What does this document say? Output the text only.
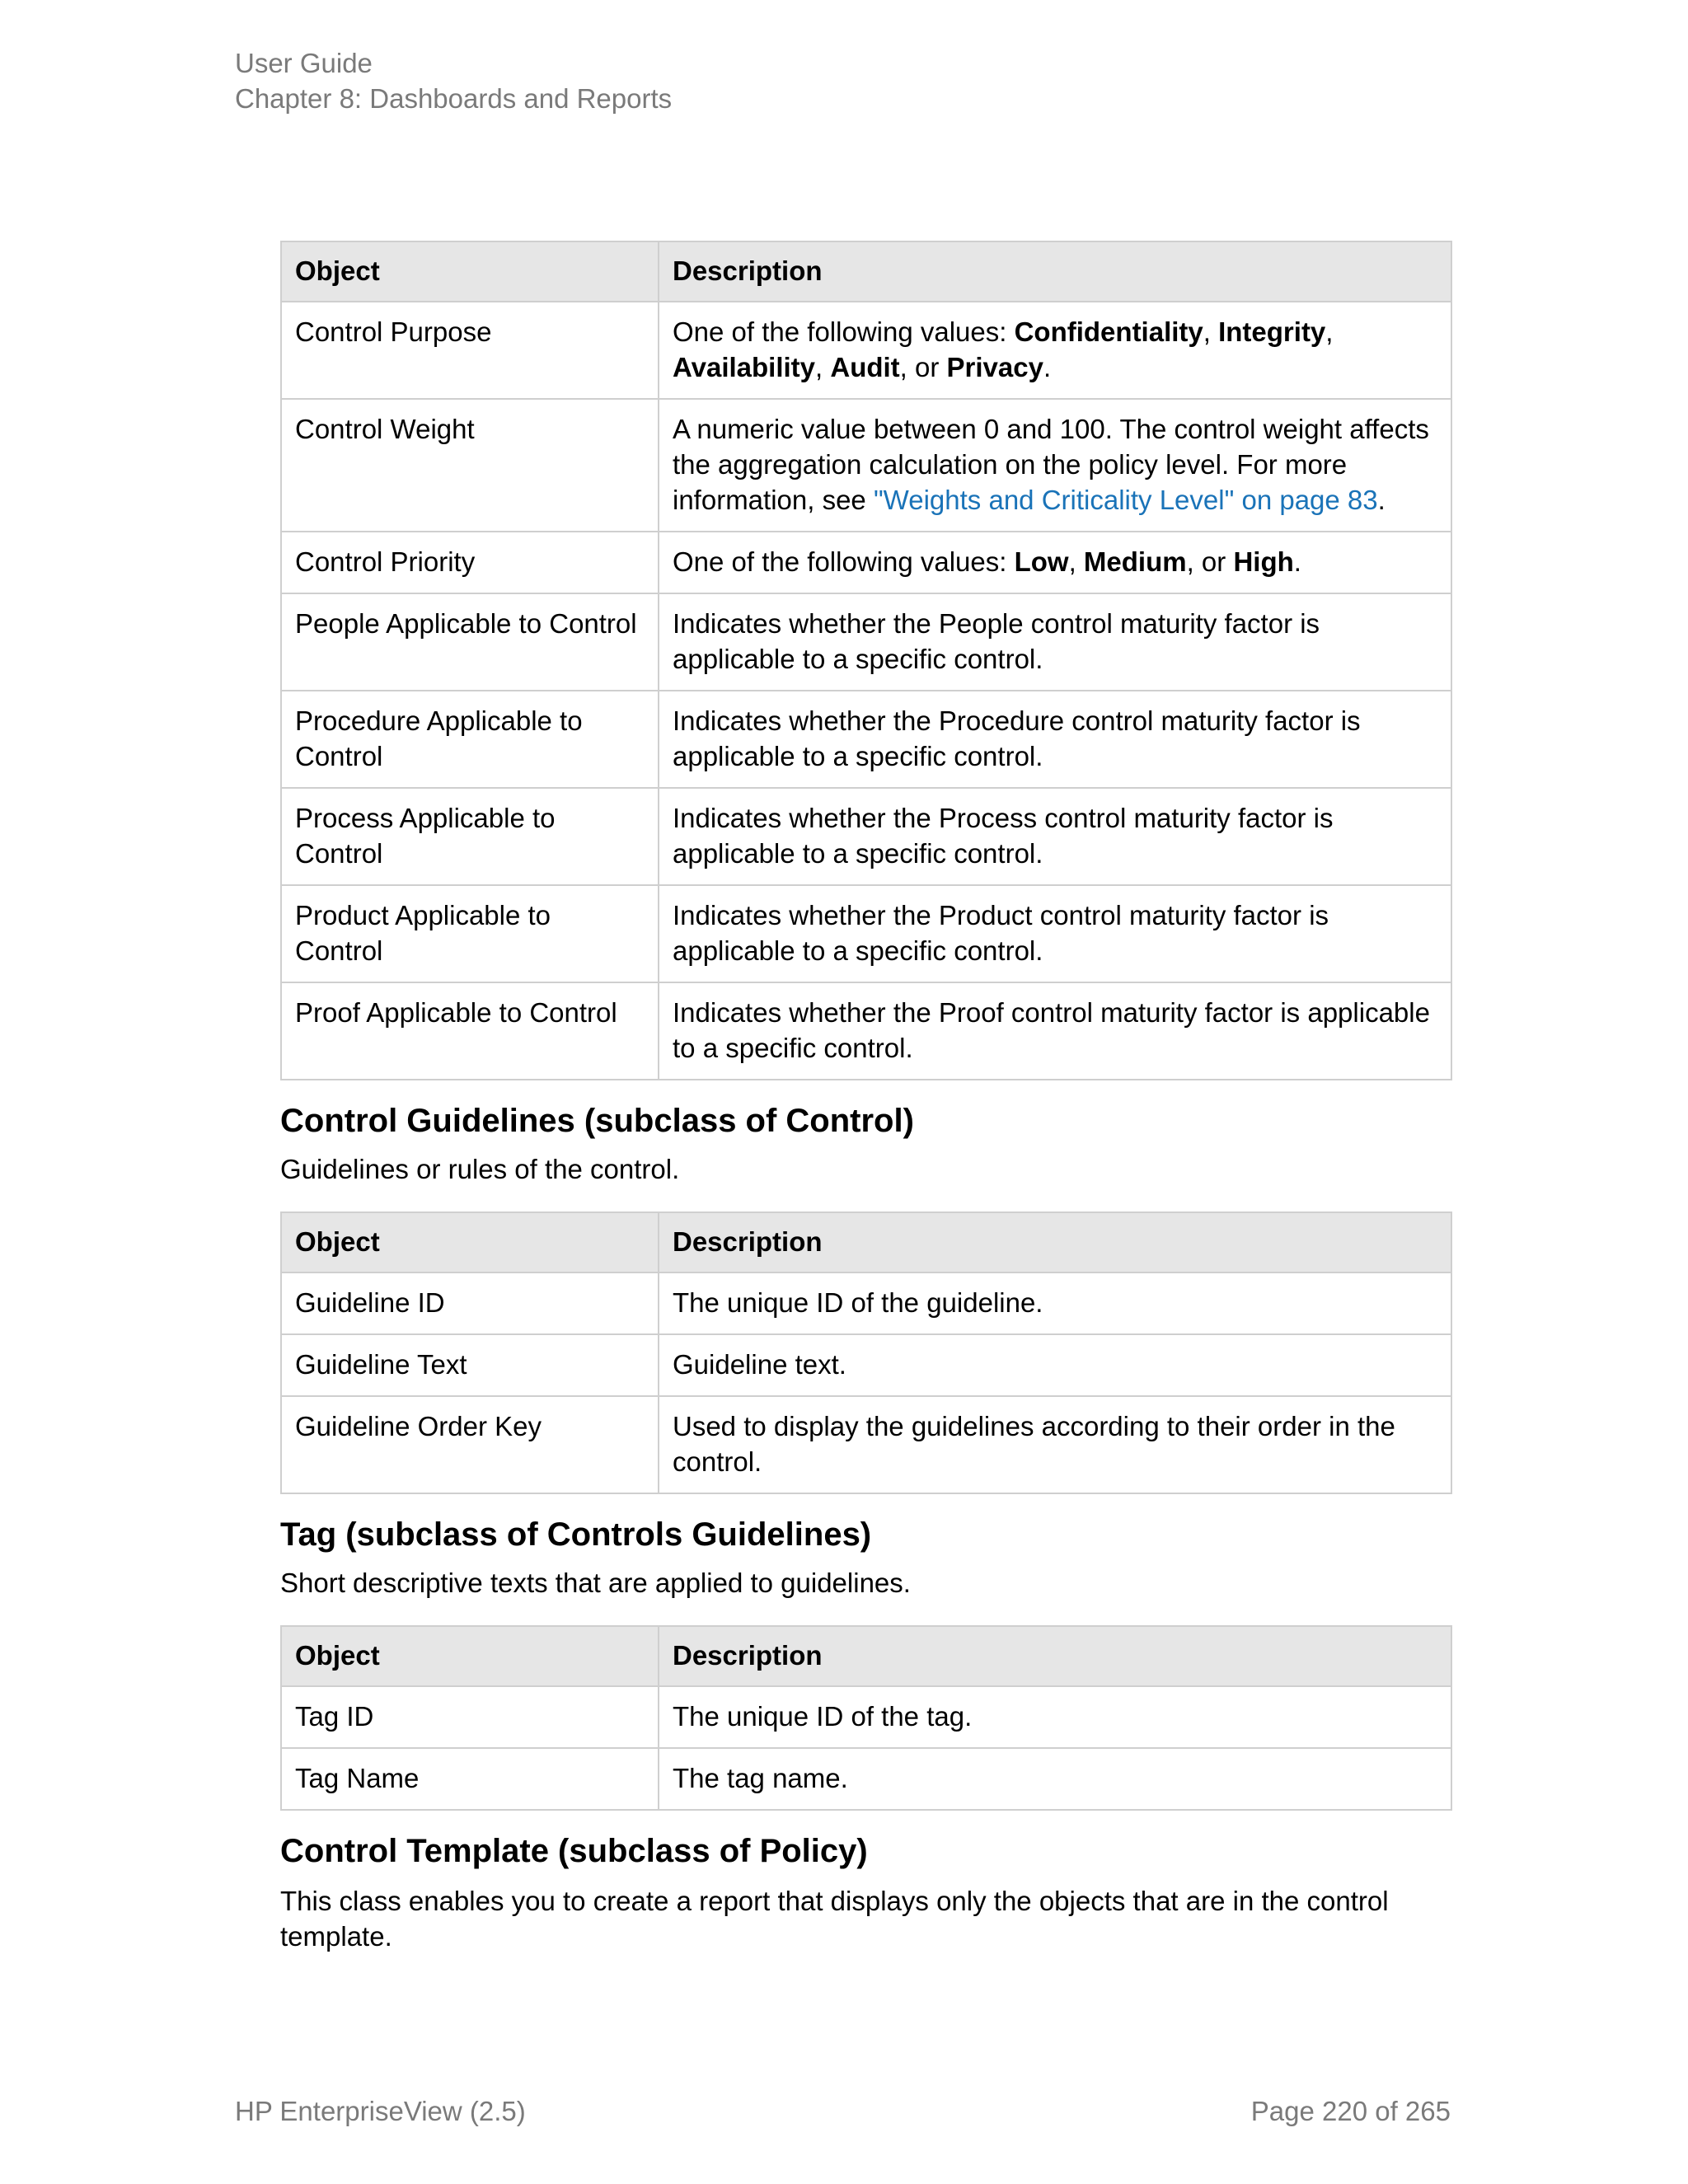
User Guide
Chapter 8: Dashboards and Reports
Object	Description
Control Purpose	One of the following values: Confidentiality, Integrity, Availability, Audit, or Privacy.
Control Weight	A numeric value between 0 and 100. The control weight affects the aggregation calculation on the policy level. For more information, see "Weights and Criticality Level" on page 83.
Control Priority	One of the following values: Low, Medium, or High.
People Applicable to Control	Indicates whether the People control maturity factor is applicable to a specific control.
Procedure Applicable to Control	Indicates whether the Procedure control maturity factor is applicable to a specific control.
Process Applicable to Control	Indicates whether the Process control maturity factor is applicable to a specific control.
Product Applicable to Control	Indicates whether the Product control maturity factor is applicable to a specific control.
Proof Applicable to Control	Indicates whether the Proof control maturity factor is applicable to a specific control.
Control Guidelines (subclass of Control)

Guidelines or rules of the control.

Object	Description
Guideline ID	The unique ID of the guideline.
Guideline Text	Guideline text.
Guideline Order Key	Used to display the guidelines according to their order in the control.
Tag (subclass of Controls Guidelines)

Short descriptive texts that are applied to guidelines.

Object	Description
Tag ID	The unique ID of the tag.
Tag Name	The tag name.
Control Template (subclass of Policy)

This class enables you to create a report that displays only the objects that are in the control template.

HP EnterpriseView (2.5)	Page 220 of 265
